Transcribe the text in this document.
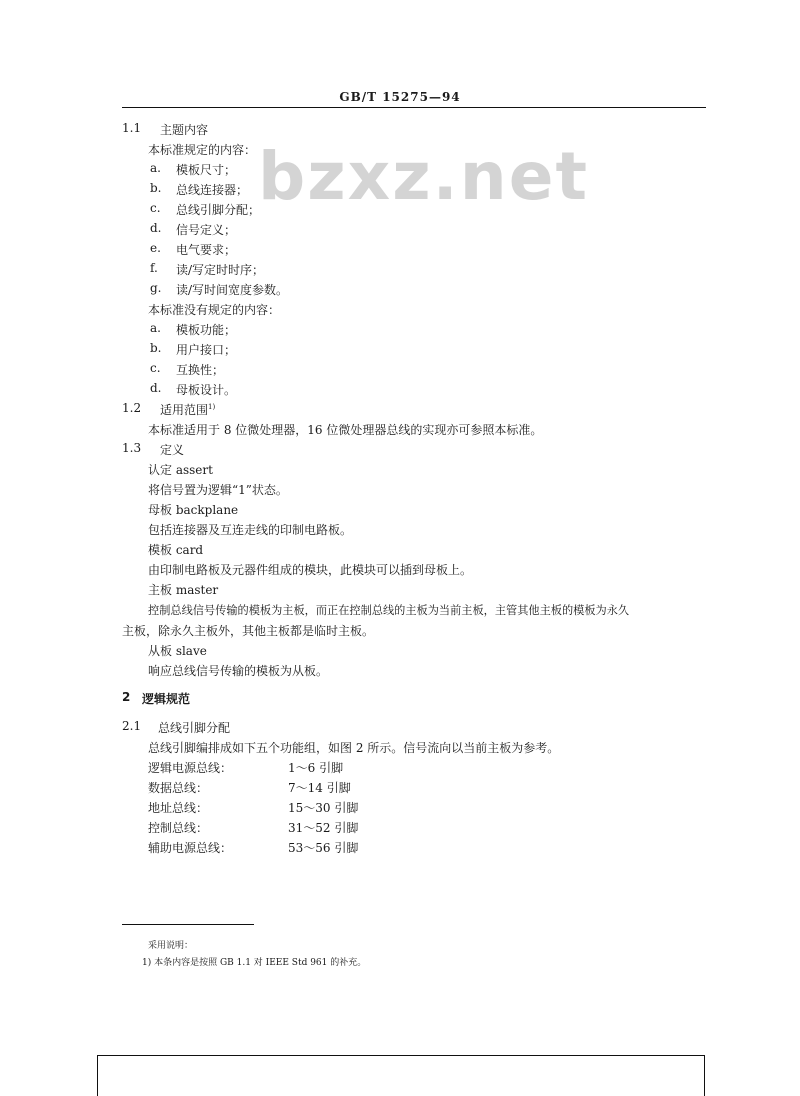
GB/T 15275—94
bzxz.net
1.1 主题内容
本标准规定的内容：
a. 模板尺寸；
b. 总线连接器；
c. 总线引脚分配；
d. 信号定义；
e. 电气要求；
f. 读/写定时时序；
g. 读/写时间宽度参数。
本标准没有规定的内容：
a. 模板功能；
b. 用户接口；
c. 互换性；
d. 母板设计。
1.2 适用范围$^{1)}$
本标准适用于 8 位微处理器，16 位微处理器总线的实现亦可参照本标准。
1.3 定义
认定 assert
将信号置为逻辑“1”状态。
母板 backplane
包括连接器及互连走线的印制电路板。
模板 card
由印制电路板及元器件组成的模块，此模块可以插到母板上。
主板 master
控制总线信号传输的模板为主板，而正在控制总线的主板为当前主板，主管其他主板的模板为永久
主板，除永久主板外，其他主板都是临时主板。
从板 slave
响应总线信号传输的模板为从板。
2 逻辑规范
2.1 总线引脚分配
总线引脚编排成如下五个功能组，如图 2 所示。信号流向以当前主板为参考。
逻辑电源总线：	1～6 引脚
数据总线：	7～14 引脚
地址总线：	15～30 引脚
控制总线：	31～52 引脚
辅助电源总线：	53～56 引脚
采用说明：
1) 本条内容是按照 GB 1.1 对 IEEE Std 961 的补充。
